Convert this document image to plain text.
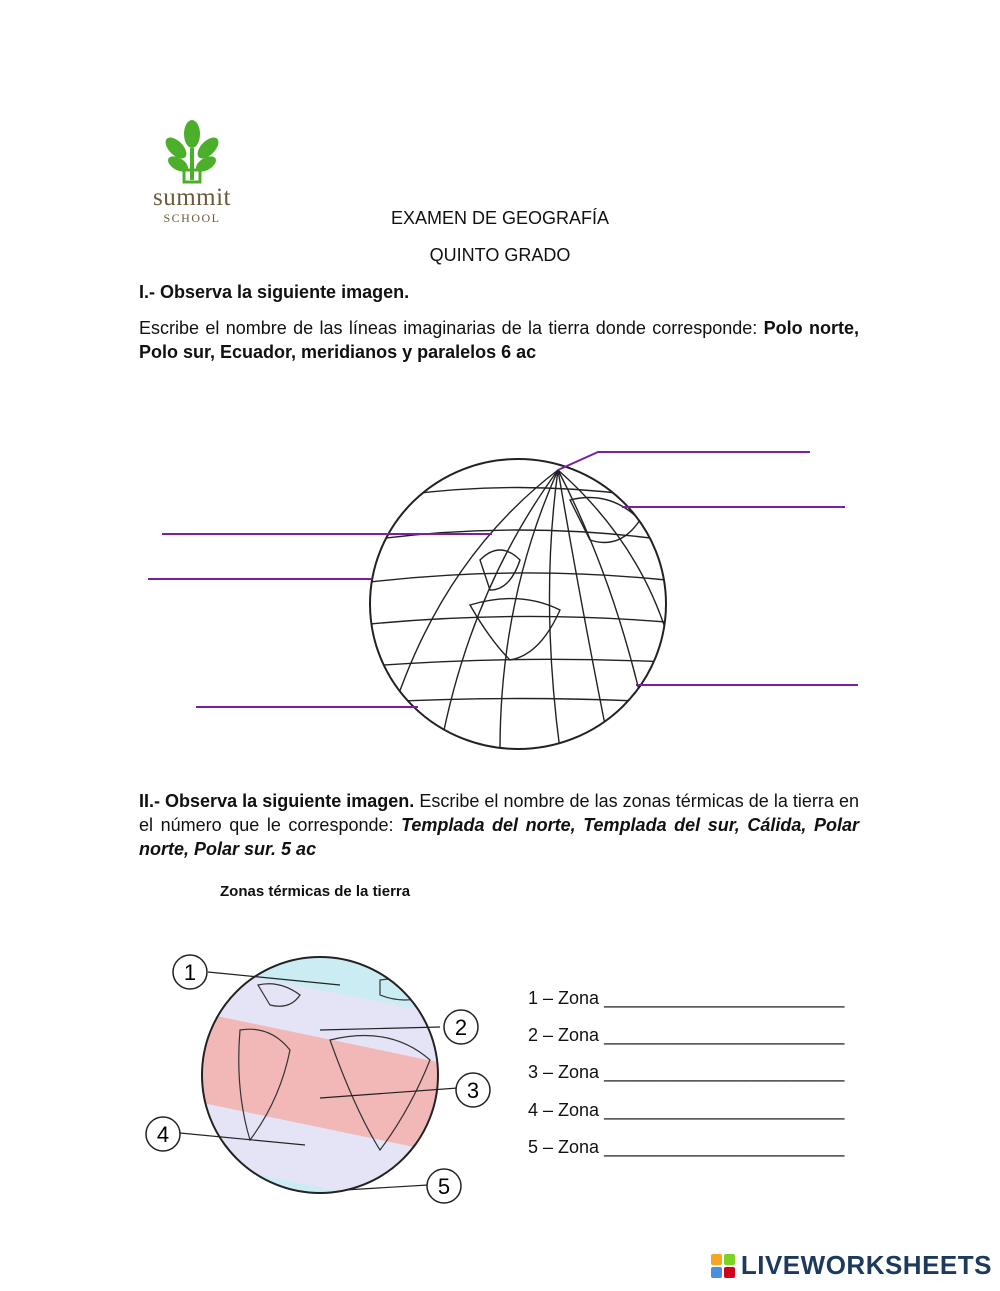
summit
SCHOOL	EXAMEN DE GEOGRAFÍA
QUINTO GRADO
I.- Observa la siguiente imagen.
Escribe el nombre de las líneas imaginarias de la tierra donde corresponde: Polo norte, Polo sur, Ecuador, meridianos y paralelos 6 ac
II.- Observa la siguiente imagen. Escribe el nombre de las zonas térmicas de la tierra en el número que le corresponde: Templada del norte, Templada del sur, Cálida, Polar norte, Polar sur. 5 ac
Zonas térmicas de la tierra
1
2
3
4
5
1 – Zona ________________________
2 – Zona ________________________
3 – Zona ________________________
4 – Zona ________________________
5 – Zona ________________________
LIVEWORKSHEETS
